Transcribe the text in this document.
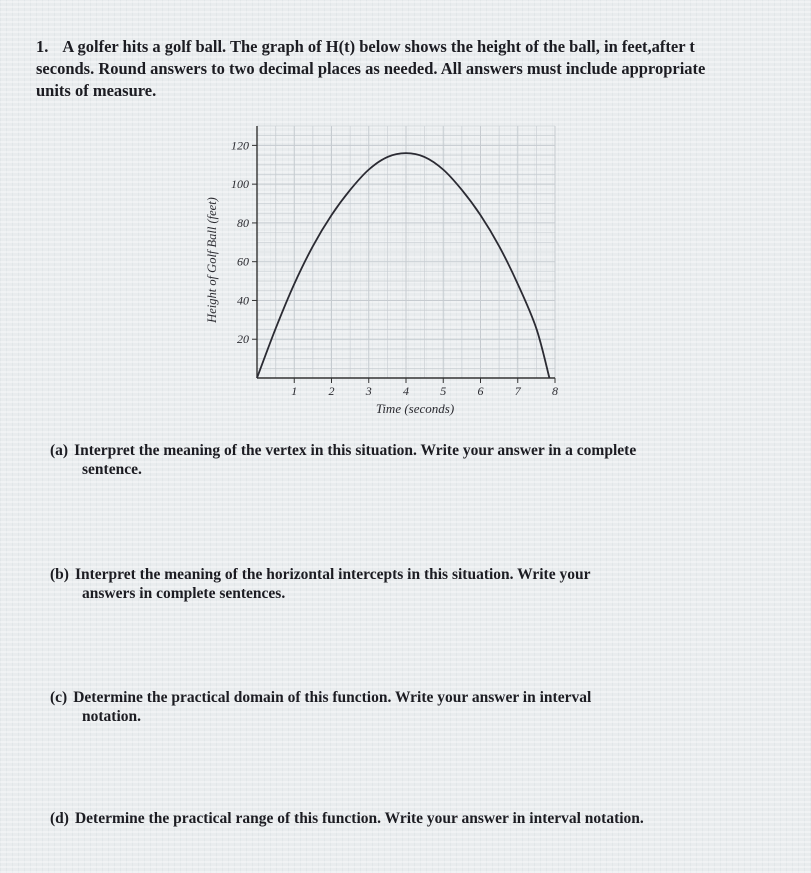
1. A golfer hits a golf ball. The graph of H(t) below shows the height of the ball, in feet,after t seconds. Round answers to two decimal places as needed. All answers must include appropriate units of measure.
1	2	3	4	5	6	7	8
20
40
60
80
100
120
Time (seconds)
Height of Golf Ball (feet)
(a) Interpret the meaning of the vertex in this situation. Write your answer in a complete
sentence.
(b) Interpret the meaning of the horizontal intercepts in this situation. Write your
answers in complete sentences.
(c) Determine the practical domain of this function. Write your answer in interval
notation.
(d) Determine the practical range of this function. Write your answer in interval notation.
